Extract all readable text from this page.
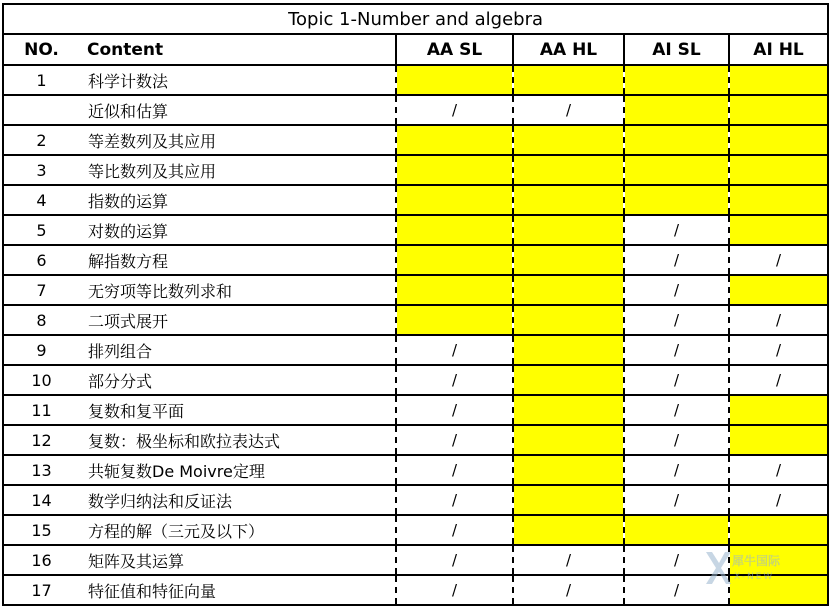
Topic 1-Number and algebra					
NO.	Content	AA SL	AA HL	AI SL	AI HL
1	科学计数法				
	近似和估算	/	/		
2	等差数列及其应用				
3	等比数列及其应用				
4	指数的运算				
5	对数的运算			/	
6	解指数方程			/	/
7	无穷项等比数列求和			/	
8	二项式展开			/	/
9	排列组合	/		/	/
10	部分分式	/		/	/
11	复数和复平面	/		/	
12	复数：极坐标和欧拉表达式	/		/	
13	共轭复数De Moivre定理	/		/	/
14	数学归纳法和反证法	/		/	/
15	方程的解（三元及以下）	/			
16	矩阵及其运算	/	/	/	
17	特征值和特征向量	/	/	/	
犀牛国际
X-NEW
